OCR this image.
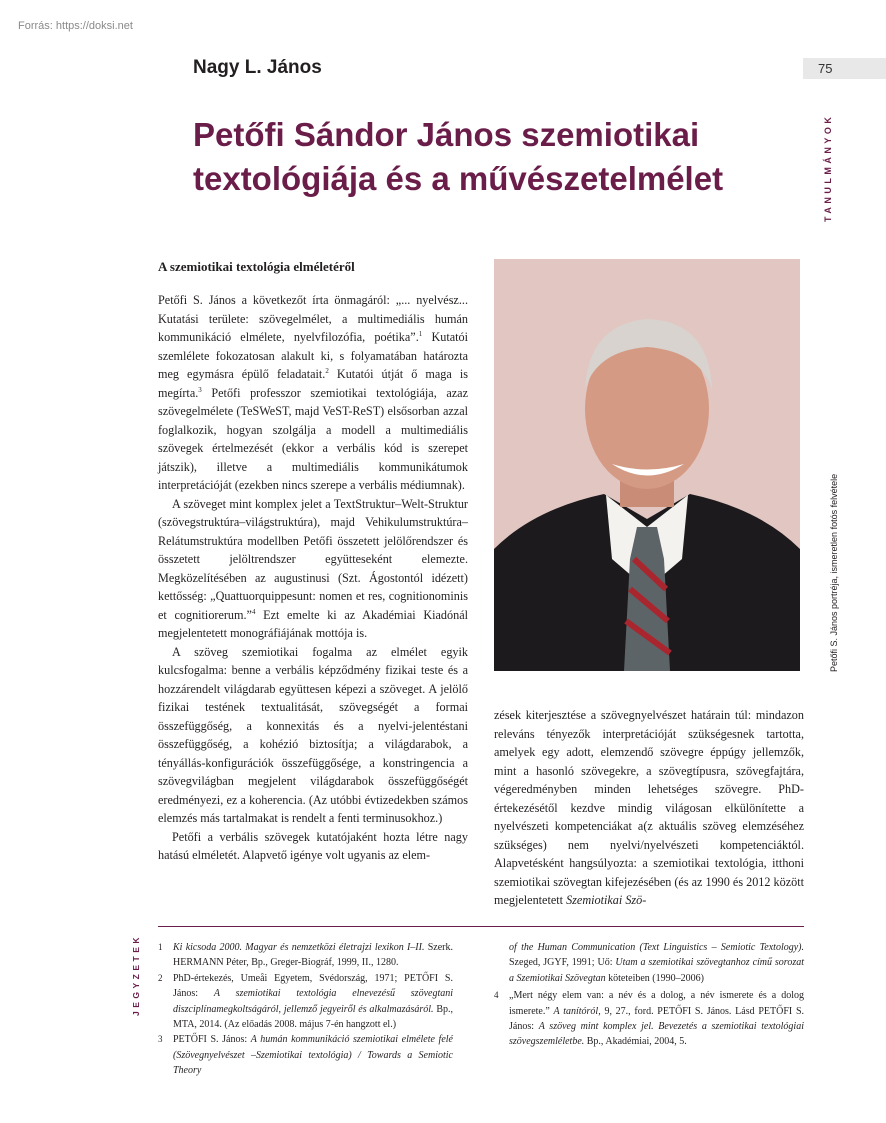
Forrás: https://doksi.net
Nagy L. János	75
TANULMÁNYOK
Petőfi Sándor János szemiotikai textológiája és a művészetelmélet
A szemiotikai textológia elméletéről

Petőfi S. János a következőt írta önmagáról: „... nyelvész... Kutatási területe: szövegelmélet, a multimediális humán kommunikáció elmélete, nyelvfilozófia, poétika”.$^1$ Kutatói szemlélete fokozatosan alakult ki, s folyamatában határozta meg egymásra épülő feladatait.$^2$ Kutatói útját ő maga is megírta.$^3$ Petőfi professzor szemiotikai textológiája, azaz szövegelmélete (TeSWeST, majd VeST-ReST) elsősorban azzal foglalkozik, hogyan szolgálja a modell a multimediális szövegek értelmezését (ekkor a verbális kód is szerepet játszik), illetve a multimediális kommunikátumok interpretációját (ezekben nincs szerepe a verbális médiumnak).

A szöveget mint komplex jelet a TextStruktur–Welt-Struktur (szövegstruktúra–világstruktúra), majd Vehikulumstruktúra–Relátumstruktúra modellben Petőfi összetett jelölőrendszer és összetett jelöltrendszer együtteseként elemezte. Megközelítésében az augustinusi (Szt. Ágostontól idézett) kettősség: „Quattuorquippesunt: nomen et res, cognitionominis et cognitiorerum.”$^4$ Ezt emelte ki az Akadémiai Kiadónál megjelentetett monográfiájának mottója is.

A szöveg szemiotikai fogalma az elmélet egyik kulcsfogalma: benne a verbális képződmény fizikai teste és a hozzárendelt világdarab együttesen képezi a szöveget. A jelölő fizikai testének textualitását, szövegségét a formai összefüggőség, a konnexitás és a nyelvi-jelentéstani összefüggőség, a kohézió biztosítja; a világdarabok, a tényállás-konfigurációk összefüggősége, a konstringencia a szövegvilágban megjelent világdarabok összefüggőségét eredményezi, ez a koherencia. (Az utóbbi évtizedekben számos elemzés más tartalmakat is rendelt a fenti terminusokhoz.)

Petőfi a verbális szövegek kutatójaként hozta létre nagy hatású elméletét. Alapvető igénye volt ugyanis az elem-

Petőfi S. János portréja, ismeretlen fotós felvétele

zések kiterjesztése a szövegnyelvészet határain túl: mindazon releváns tényezők interpretációját szükségesnek tartotta, amelyek egy adott, elemzendő szövegre éppúgy jellemzők, mint a hasonló szövegekre, a szövegtípusra, szövegfajtára, végeredményben minden lehetséges szövegre. PhD-értekezésétől kezdve mindig világosan elkülönítette a nyelvészeti kompetenciákat a(z aktuális szöveg elemzéséhez szükséges) nem nyelvi/nyelvészeti kompetenciáktól. Alapvetésként hangsúlyozta: a szemiotikai textológia, itthoni szemiotikai szövegtan kifejezésében (és az 1990 és 2012 között megjelentetett Szemiotikai Szö-

JEGYZETEK 1 Ki kicsoda 2000. Magyar és nemzetközi életrajzi lexikon I–II. Szerk. HERMANN Péter, Bp., Greger-Biográf, 1999, II., 1280.

2 PhD-értekezés, Umeåi Egyetem, Svédország, 1971; PETŐFI S. János: A szemiotikai textológia elnevezésű szövegtani diszciplínamegkoltságáról, jellemző jegyeiről és alkalmazásáról. Bp., MTA, 2014. (Az előadás 2008. május 7-én hangzott el.)

3 PETŐFI S. János: A humán kommunikáció szemiotikai elmélete felé (Szövegnyelvészet –Szemiotikai textológia) / Towards a Semiotic Theory

of the Human Communication (Text Linguistics – Semiotic Textology). Szeged, JGYF, 1991; Uő: Utam a szemiotikai szövegtanhoz című sorozat a Szemiotikai Szövegtan köteteiben (1990–2006)

4 „Mert négy elem van: a név és a dolog, a név ismerete és a dolog ismerete.” A tanítóról, 9, 27., ford. PETŐFI S. János. Lásd PETŐFI S. János: A szöveg mint komplex jel. Bevezetés a szemiotikai textológiai szövegszemléletbe. Bp., Akadémiai, 2004, 5.
